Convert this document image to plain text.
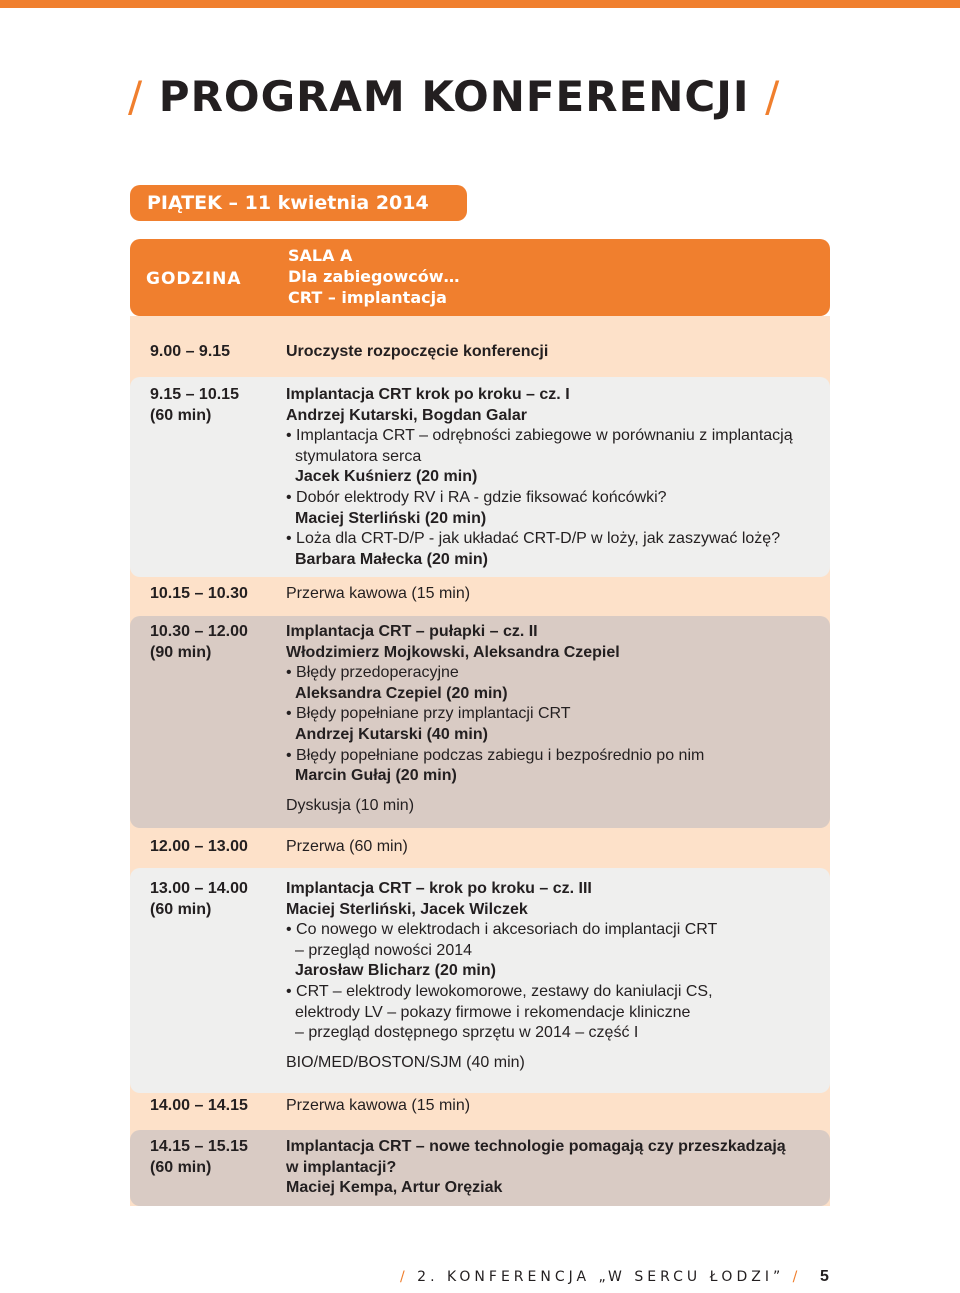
/ PROGRAM KONFERENCJI /
PIĄTEK – 11 kwietnia 2014
GODZINA
SALA A
Dla zabiegowców…
CRT – implantacja
9.00 – 9.15	Uroczyste rozpoczęcie konferencji
9.15 – 10.15
(60 min)
Implantacja CRT krok po kroku – cz. I
Andrzej Kutarski, Bogdan Galar
• Implantacja CRT – odrębności zabiegowe w porównaniu z implantacją
stymulatora serca
Jacek Kuśnierz (20 min)
• Dobór elektrody RV i RA - gdzie fiksować końcówki?
Maciej Sterliński (20 min)
• Loża dla CRT-D/P - jak układać CRT-D/P w loży, jak zaszywać lożę?
Barbara Małecka (20 min)
10.15 – 10.30 Przerwa kawowa (15 min)
10.30 – 12.00
(90 min)
Implantacja CRT – pułapki – cz. II
Włodzimierz Mojkowski, Aleksandra Czepiel
• Błędy przedoperacyjne
Aleksandra Czepiel (20 min)
• Błędy popełniane przy implantacji CRT
Andrzej Kutarski (40 min)
• Błędy popełniane podczas zabiegu i bezpośrednio po nim
Marcin Gułaj (20 min)
Dyskusja (10 min)
12.00 – 13.00 Przerwa (60 min)
13.00 – 14.00
(60 min)
Implantacja CRT – krok po kroku – cz. III
Maciej Sterliński, Jacek Wilczek
• Co nowego w elektrodach i akcesoriach do implantacji CRT
– przegląd nowości 2014
Jarosław Blicharz (20 min)
• CRT – elektrody lewokomorowe, zestawy do kaniulacji CS,
elektrody LV – pokazy firmowe i rekomendacje kliniczne
– przegląd dostępnego sprzętu w 2014 – część I
BIO/MED/BOSTON/SJM (40 min)
14.00 – 14.15 Przerwa kawowa (15 min)
14.15 – 15.15
(60 min)
Implantacja CRT – nowe technologie pomagają czy przeszkadzają
w implantacji?
Maciej Kempa, Artur Oręziak
/ 2. KONFERENCJA „W SERCU ŁODZI” / 5
